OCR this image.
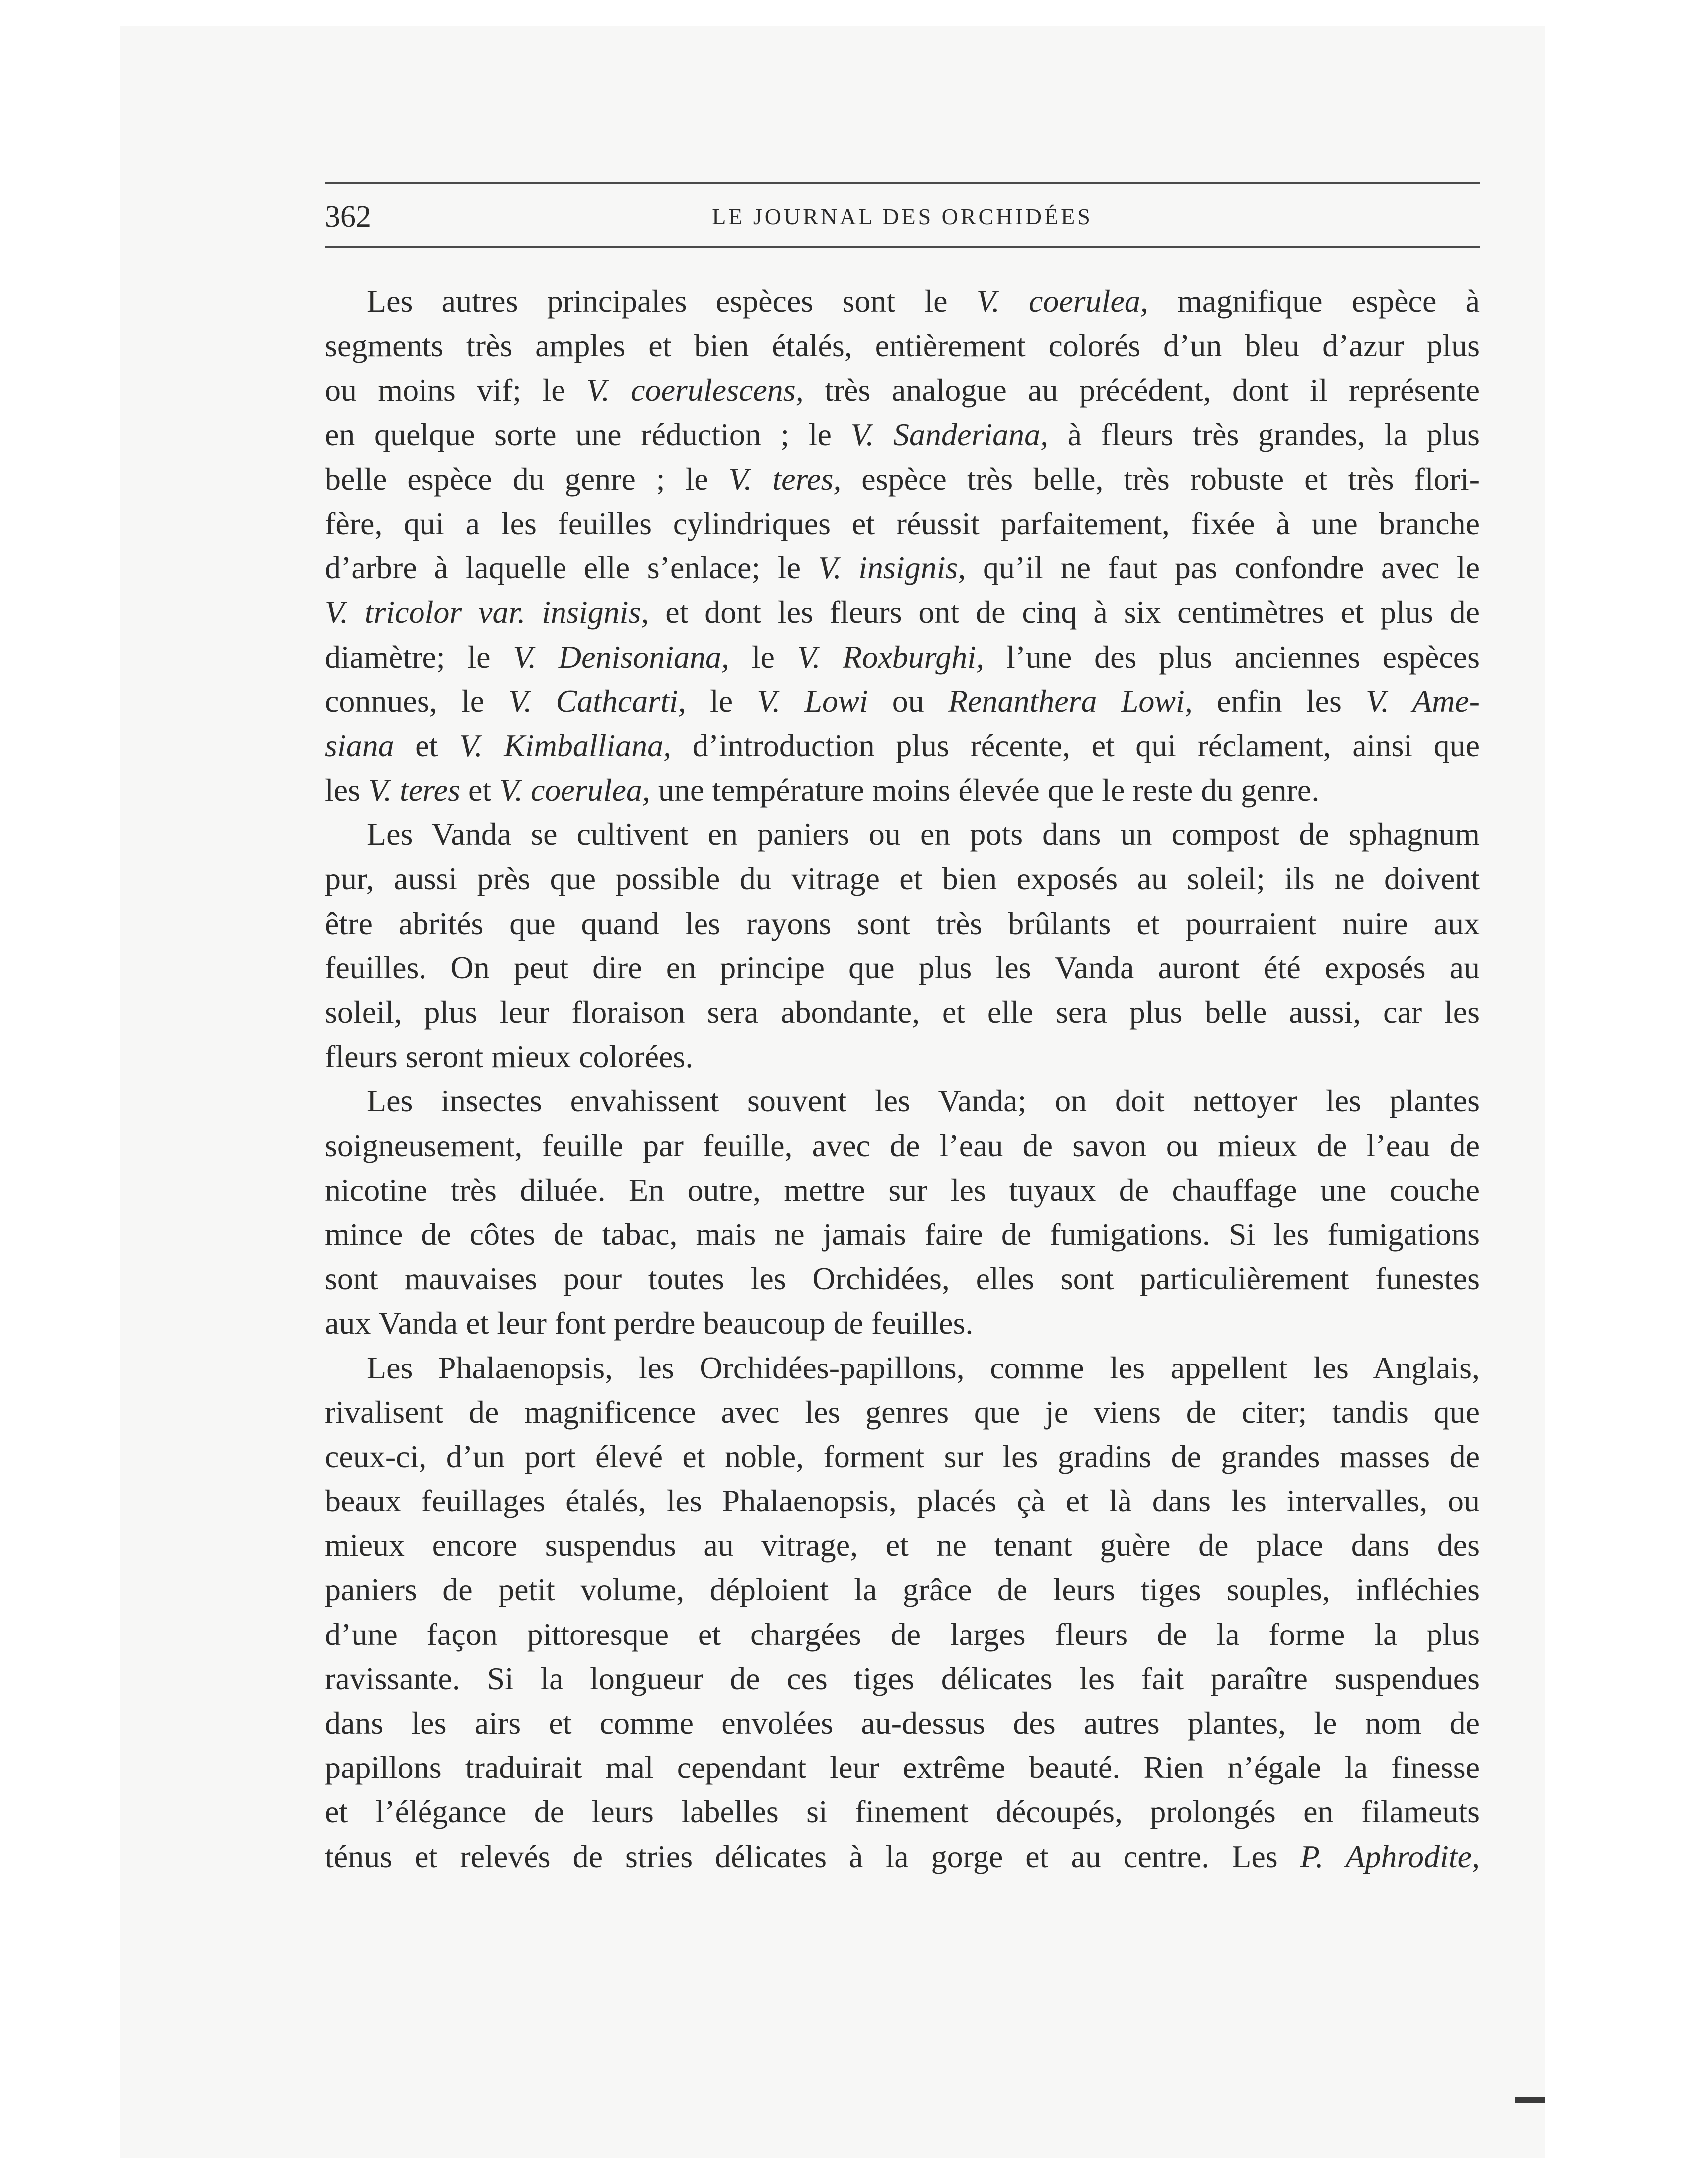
362	LE JOURNAL DES ORCHIDÉES
Les autres principales espèces sont le V. coerulea, magnifique espèce à
segments très amples et bien étalés, entièrement colorés d’un bleu d’azur plus
ou moins vif; le V. coerulescens, très analogue au précédent, dont il représente
en quelque sorte une réduction ; le V. Sanderiana, à fleurs très grandes, la plus
belle espèce du genre ; le V. teres, espèce très belle, très robuste et très flori-
fère, qui a les feuilles cylindriques et réussit parfaitement, fixée à une branche
d’arbre à laquelle elle s’enlace; le V. insignis, qu’il ne faut pas confondre avec le
V. tricolor var. insignis, et dont les fleurs ont de cinq à six centimètres et plus de
diamètre; le V. Denisoniana, le V. Roxburghi, l’une des plus anciennes espèces
connues, le V. Cathcarti, le V. Lowi ou Renanthera Lowi, enfin les V. Ame-
siana et V. Kimballiana, d’introduction plus récente, et qui réclament, ainsi que
les V. teres et V. coerulea, une température moins élevée que le reste du genre.
Les Vanda se cultivent en paniers ou en pots dans un compost de sphagnum
pur, aussi près que possible du vitrage et bien exposés au soleil; ils ne doivent
être abrités que quand les rayons sont très brûlants et pourraient nuire aux
feuilles. On peut dire en principe que plus les Vanda auront été exposés au
soleil, plus leur floraison sera abondante, et elle sera plus belle aussi, car les
fleurs seront mieux colorées.
Les insectes envahissent souvent les Vanda; on doit nettoyer les plantes
soigneusement, feuille par feuille, avec de l’eau de savon ou mieux de l’eau de
nicotine très diluée. En outre, mettre sur les tuyaux de chauffage une couche
mince de côtes de tabac, mais ne jamais faire de fumigations. Si les fumigations
sont mauvaises pour toutes les Orchidées, elles sont particulièrement funestes
aux Vanda et leur font perdre beaucoup de feuilles.
Les Phalaenopsis, les Orchidées-papillons, comme les appellent les Anglais,
rivalisent de magnificence avec les genres que je viens de citer; tandis que
ceux-ci, d’un port élevé et noble, forment sur les gradins de grandes masses de
beaux feuillages étalés, les Phalaenopsis, placés çà et là dans les intervalles, ou
mieux encore suspendus au vitrage, et ne tenant guère de place dans des
paniers de petit volume, déploient la grâce de leurs tiges souples, infléchies
d’une façon pittoresque et chargées de larges fleurs de la forme la plus
ravissante. Si la longueur de ces tiges délicates les fait paraître suspendues
dans les airs et comme envolées au-dessus des autres plantes, le nom de
papillons traduirait mal cependant leur extrême beauté. Rien n’égale la finesse
et l’élégance de leurs labelles si finement découpés, prolongés en filameuts
ténus et relevés de stries délicates à la gorge et au centre. Les P. Aphrodite,
